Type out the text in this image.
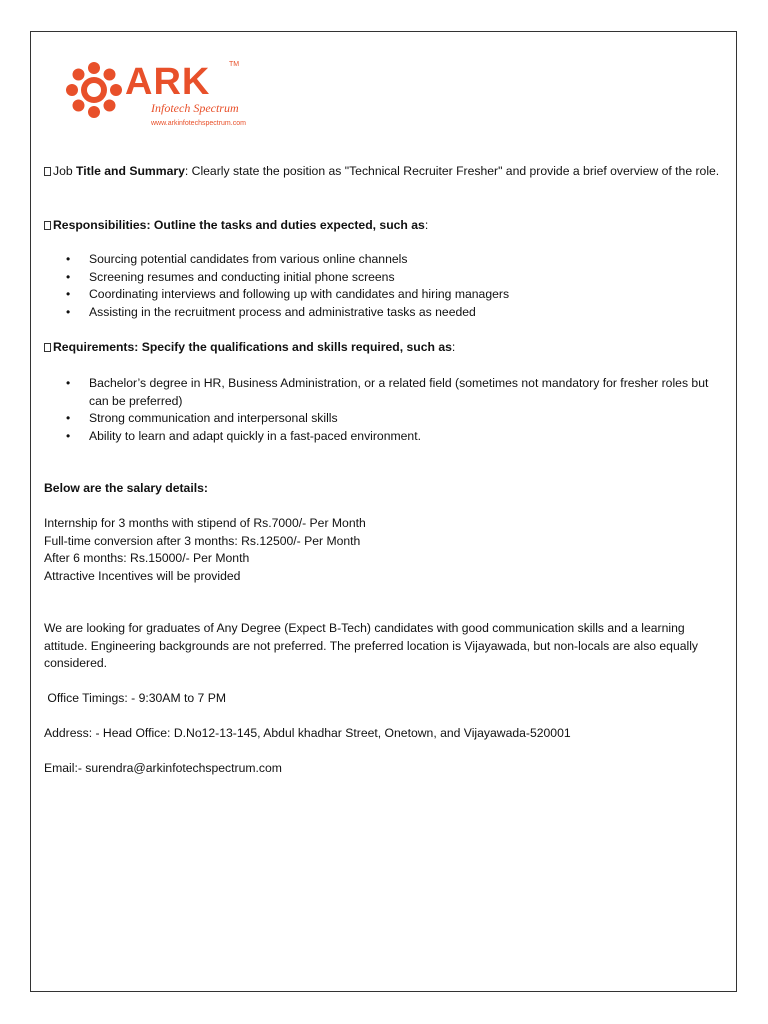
ARK	TM
Infotech Spectrum
www.arkinfotechspectrum.com
Job Title and Summary: Clearly state the position as "Technical Recruiter Fresher" and provide a brief overview of the role.
Responsibilities: Outline the tasks and duties expected, such as:
• Sourcing potential candidates from various online channels
• Screening resumes and conducting initial phone screens
• Coordinating interviews and following up with candidates and hiring managers
• Assisting in the recruitment process and administrative tasks as needed
Requirements: Specify the qualifications and skills required, such as:
• Bachelor’s degree in HR, Business Administration, or a related field (sometimes not mandatory for fresher roles but can be preferred)
• Strong communication and interpersonal skills
• Ability to learn and adapt quickly in a fast-paced environment.
Below are the salary details:
Internship for 3 months with stipend of Rs.7000/- Per Month
Full-time conversion after 3 months: Rs.12500/- Per Month
After 6 months: Rs.15000/- Per Month
Attractive Incentives will be provided
We are looking for graduates of Any Degree (Expect B-Tech) candidates with good communication skills and a learning attitude. Engineering backgrounds are not preferred. The preferred location is Vijayawada, but non-locals are also equally considered.
Office Timings: - 9:30AM to 7 PM
Address: - Head Office: D.No12-13-145, Abdul khadhar Street, Onetown, and Vijayawada-520001
Email:- surendra@arkinfotechspectrum.com
